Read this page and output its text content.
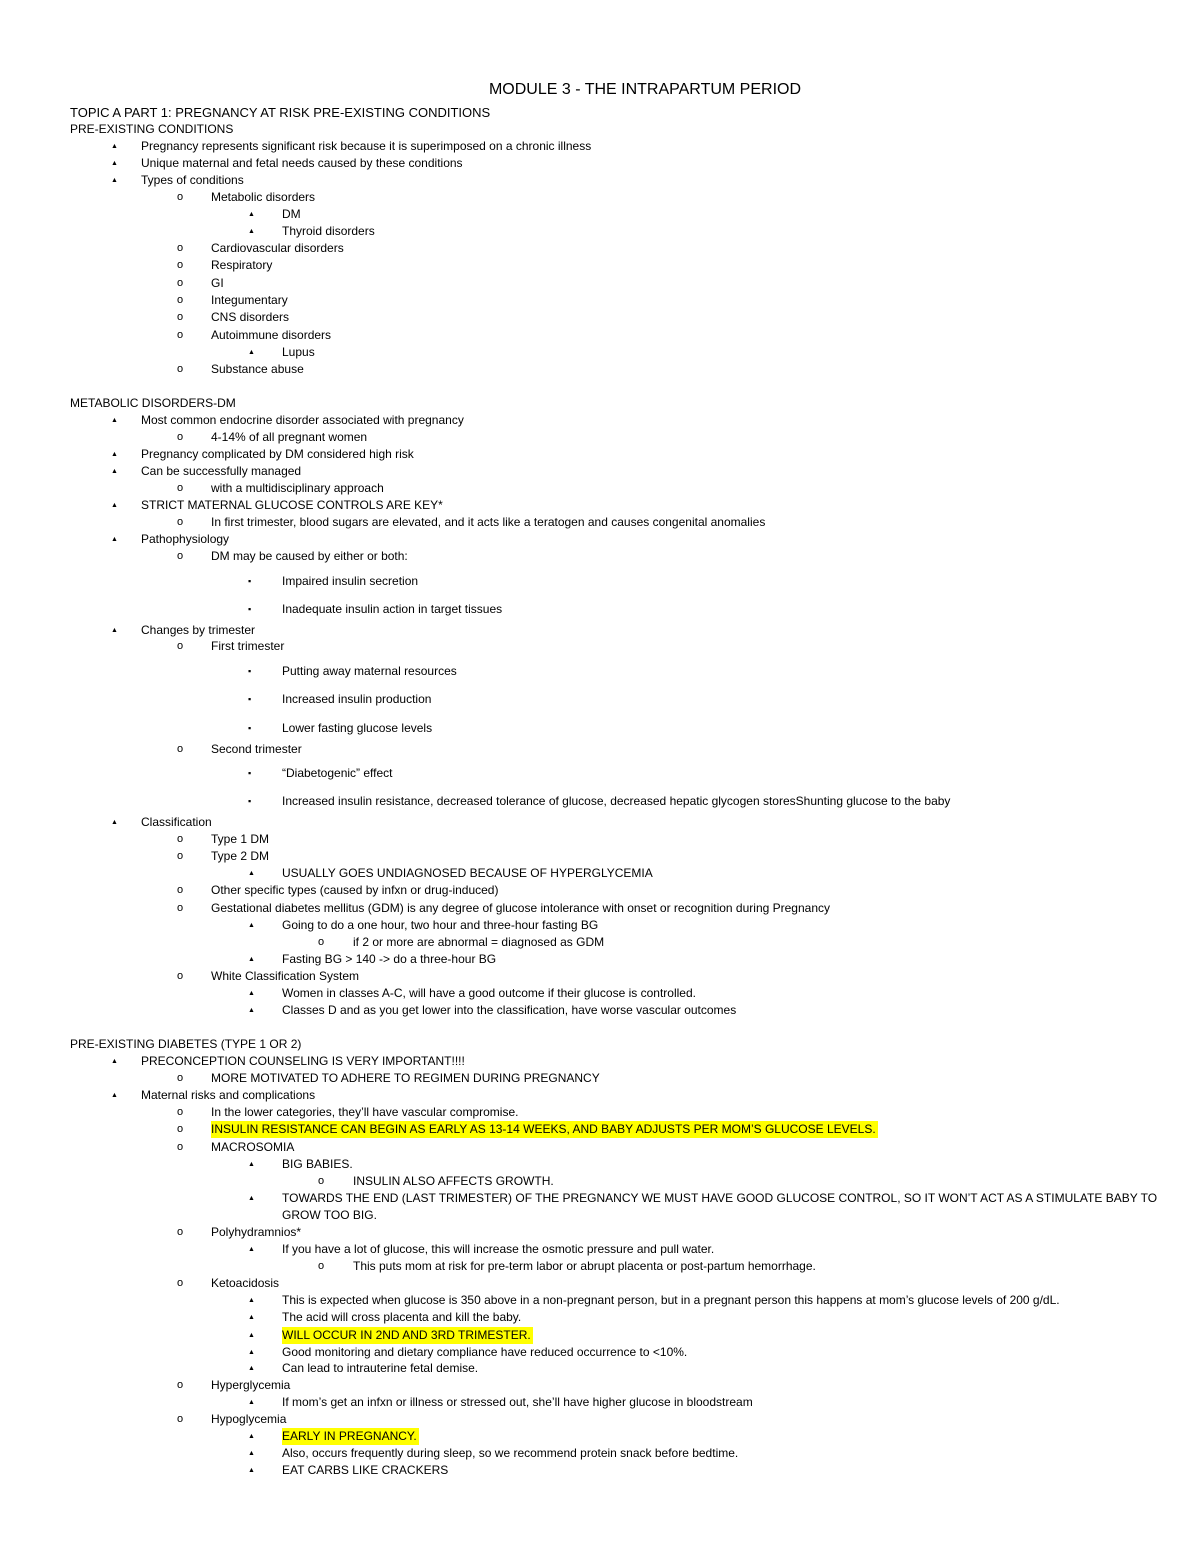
MODULE 3 - THE INTRAPARTUM PERIOD
TOPIC A PART 1: PREGNANCY AT RISK PRE-EXISTING CONDITIONS
PRE-EXISTING CONDITIONS
▲ Pregnancy represents significant risk because it is superimposed on a chronic illness
▲ Unique maternal and fetal needs caused by these conditions
▲ Types of conditions
o Metabolic disorders
▲ DM
▲ Thyroid disorders
o Cardiovascular disorders
o Respiratory
o GI
o Integumentary
o CNS disorders
o Autoimmune disorders
▲ Lupus
o Substance abuse
METABOLIC DISORDERS-DM
▲ Most common endocrine disorder associated with pregnancy
o 4-14% of all pregnant women
▲ Pregnancy complicated by DM considered high risk
▲ Can be successfully managed
o with a multidisciplinary approach
▲ STRICT MATERNAL GLUCOSE CONTROLS ARE KEY*
o In first trimester, blood sugars are elevated, and it acts like a teratogen and causes congenital anomalies
▲ Pathophysiology
o DM may be caused by either or both:
▪	Impaired insulin secretion
▪	Inadequate insulin action in target tissues
▲ Changes by trimester
o First trimester
▪	Putting away maternal resources
▪	Increased insulin production
▪	Lower fasting glucose levels
o Second trimester
▪	“Diabetogenic” effect
▪	Increased insulin resistance, decreased tolerance of glucose, decreased hepatic glycogen storesShunting glucose to the baby
▲ Classification
o Type 1 DM
o Type 2 DM
▲ USUALLY GOES UNDIAGNOSED BECAUSE OF HYPERGLYCEMIA
o Other specific types (caused by infxn or drug-induced)
o Gestational diabetes mellitus (GDM) is any degree of glucose intolerance with onset or recognition during Pregnancy
▲ Going to do a one hour, two hour and three-hour fasting BG
o if 2 or more are abnormal = diagnosed as GDM
▲ Fasting BG > 140 -> do a three-hour BG
o White Classification System
▲ Women in classes A-C, will have a good outcome if their glucose is controlled.
▲ Classes D and as you get lower into the classification, have worse vascular outcomes
PRE-EXISTING DIABETES (TYPE 1 OR 2)
▲ PRECONCEPTION COUNSELING IS VERY IMPORTANT!!!!
o MORE MOTIVATED TO ADHERE TO REGIMEN DURING PREGNANCY
▲ Maternal risks and complications
o In the lower categories, they’ll have vascular compromise.
o INSULIN RESISTANCE CAN BEGIN AS EARLY AS 13-14 WEEKS, AND BABY ADJUSTS PER MOM’S GLUCOSE LEVELS.
o MACROSOMIA
▲ BIG BABIES.
o INSULIN ALSO AFFECTS GROWTH.
▲ TOWARDS THE END (LAST TRIMESTER) OF THE PREGNANCY WE MUST HAVE GOOD GLUCOSE CONTROL, SO IT WON’T ACT AS A STIMULATE BABY TO
GROW TOO BIG.
o Polyhydramnios*
▲ If you have a lot of glucose, this will increase the osmotic pressure and pull water.
o This puts mom at risk for pre-term labor or abrupt placenta or post-partum hemorrhage.
o Ketoacidosis
▲ This is expected when glucose is 350 above in a non-pregnant person, but in a pregnant person this happens at mom’s glucose levels of 200 g/dL.
▲ The acid will cross placenta and kill the baby.
▲ WILL OCCUR IN 2ND AND 3RD TRIMESTER.
▲ Good monitoring and dietary compliance have reduced occurrence to <10%.
▲ Can lead to intrauterine fetal demise.
o Hyperglycemia
▲ If mom’s get an infxn or illness or stressed out, she’ll have higher glucose in bloodstream
o Hypoglycemia
▲ EARLY IN PREGNANCY.
▲ Also, occurs frequently during sleep, so we recommend protein snack before bedtime.
▲ EAT CARBS LIKE CRACKERS
